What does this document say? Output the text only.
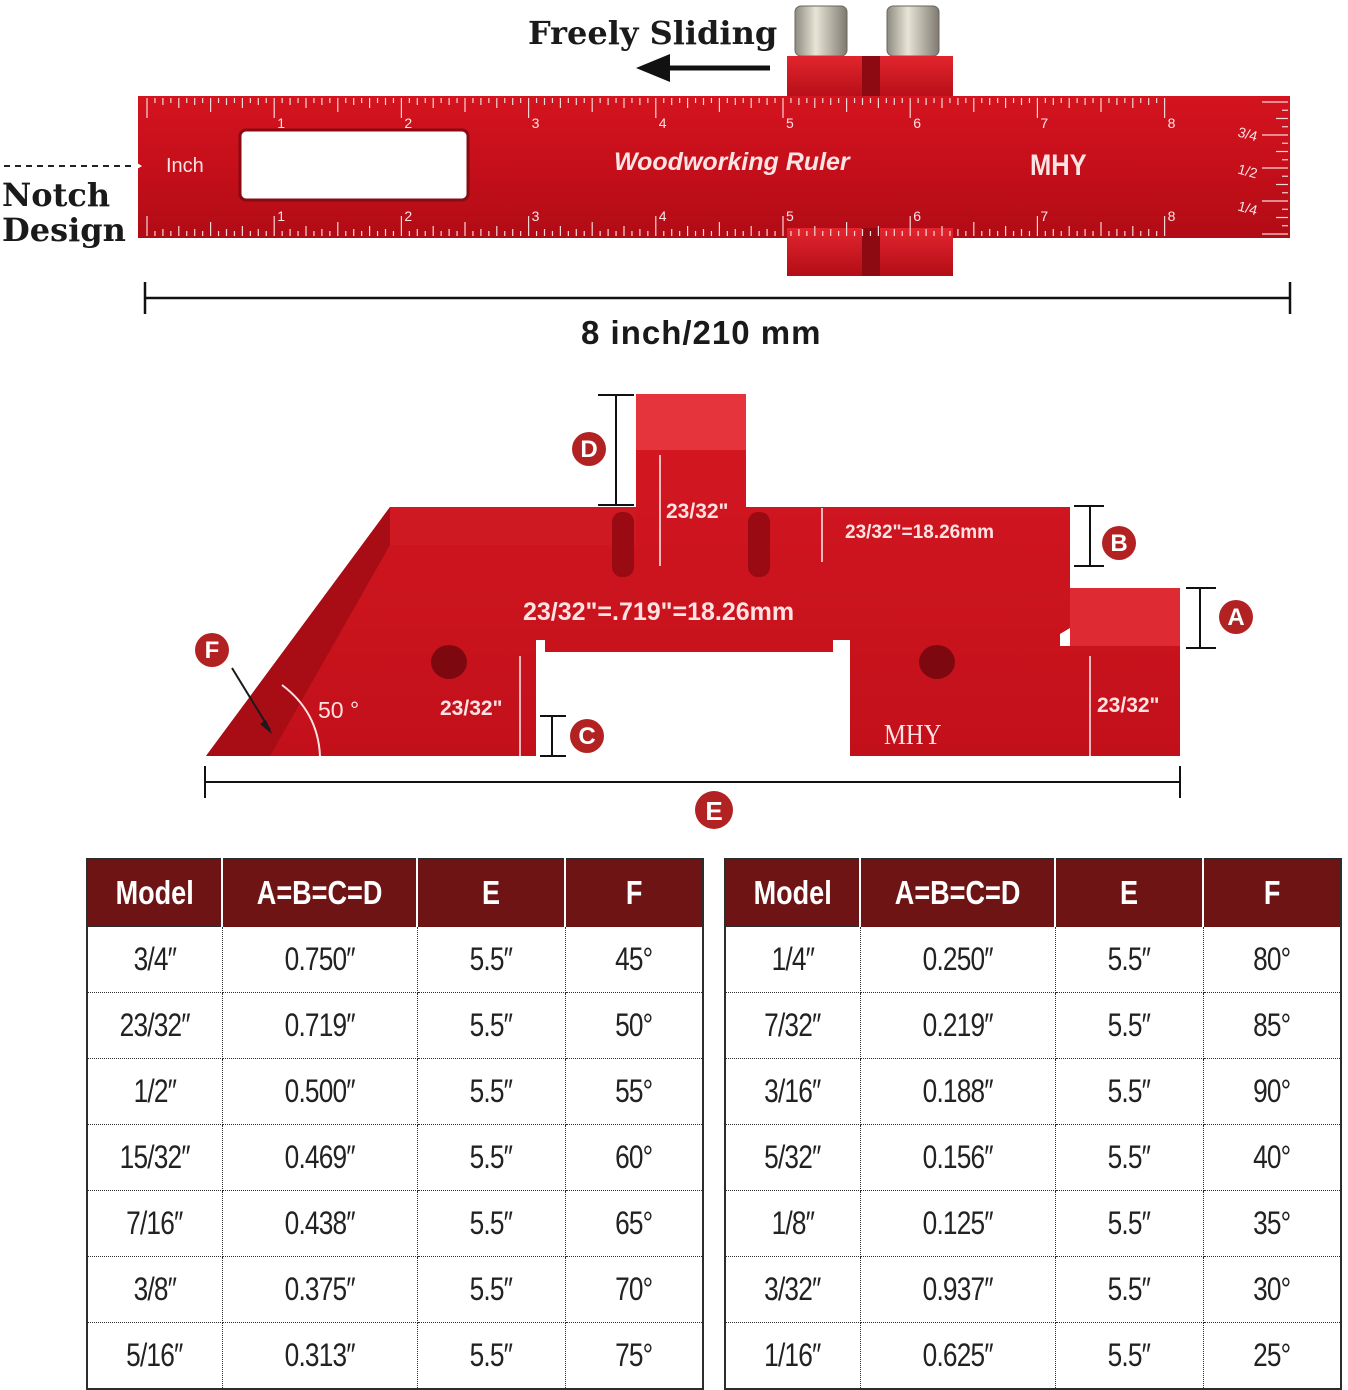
Freely Sliding
1	2	3	4	5	6	7	8
1	2	3	4	5	6	7	8
Inch	Woodworking Ruler	MHY
3/4
1/2
1/4
Notch
Design
8 inch/210 mm
D
B
A
C
F
E
23/32"
23/32"=18.26mm
23/32"=.719"=18.26mm
23/32"	23/32"
50 °
MHY
Model	A=B=C=D	E	F
3/4″	0.750″	5.5″	45°
23/32″	0.719″	5.5″	50°
1/2″	0.500″	5.5″	55°
15/32″	0.469″	5.5″	60°
7/16″	0.438″	5.5″	65°
3/8″	0.375″	5.5″	70°
5/16″	0.313″	5.5″	75°
Model	A=B=C=D	E	F
1/4″	0.250″	5.5″	80°
7/32″	0.219″	5.5″	85°
3/16″	0.188″	5.5″	90°
5/32″	0.156″	5.5″	40°
1/8″	0.125″	5.5″	35°
3/32″	0.937″	5.5″	30°
1/16″	0.625″	5.5″	25°
